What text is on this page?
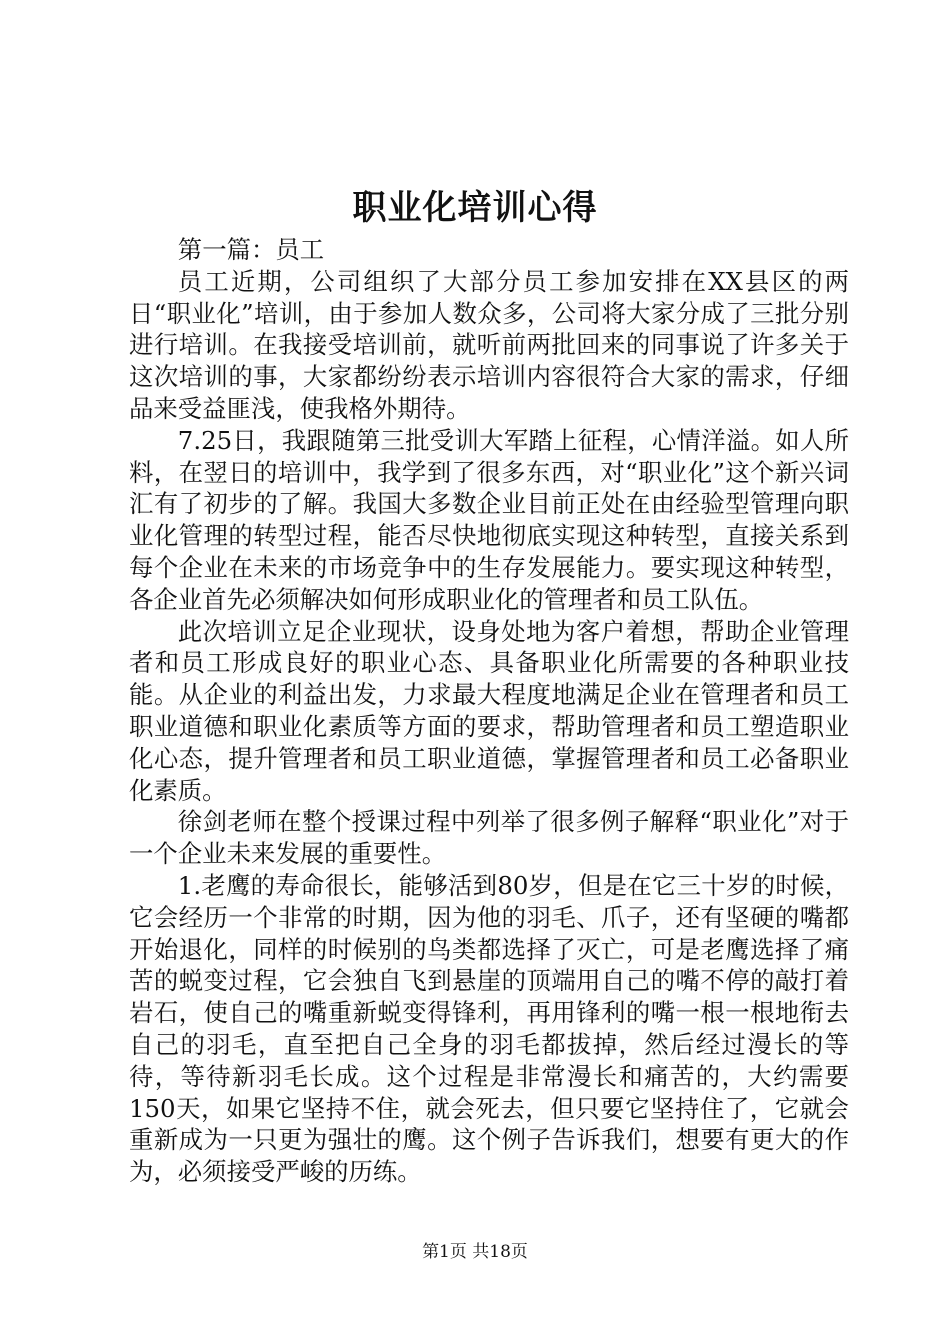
职业化培训心得

第一篇：员工

员工近期，公司组织了大部分员工参加安排在XX县区的两日“职业化”培训，由于参加人数众多，公司将大家分成了三批分别进行培训。在我接受培训前，就听前两批回来的同事说了许多关于这次培训的事，大家都纷纷表示培训内容很符合大家的需求，仔细品来受益匪浅，使我格外期待。

7.25日，我跟随第三批受训大军踏上征程，心情洋溢。如人所料，在翌日的培训中，我学到了很多东西，对“职业化”这个新兴词汇有了初步的了解。我国大多数企业目前正处在由经验型管理向职业化管理的转型过程，能否尽快地彻底实现这种转型，直接关系到每个企业在未来的市场竞争中的生存发展能力。要实现这种转型，各企业首先必须解决如何形成职业化的管理者和员工队伍。

此次培训立足企业现状，设身处地为客户着想，帮助企业管理者和员工形成良好的职业心态、具备职业化所需要的各种职业技能。从企业的利益出发，力求最大程度地满足企业在管理者和员工职业道德和职业化素质等方面的要求，帮助管理者和员工塑造职业化心态，提升管理者和员工职业道德，掌握管理者和员工必备职业化素质。

徐剑老师在整个授课过程中列举了很多例子解释“职业化”对于一个企业未来发展的重要性。

1.老鹰的寿命很长，能够活到80岁，但是在它三十岁的时候，它会经历一个非常的时期，因为他的羽毛、爪子，还有坚硬的嘴都开始退化，同样的时候别的鸟类都选择了灭亡，可是老鹰选择了痛苦的蜕变过程，它会独自飞到悬崖的顶端用自己的嘴不停的敲打着岩石，使自己的嘴重新蜕变得锋利，再用锋利的嘴一根一根地衔去自己的羽毛，直至把自己全身的羽毛都拔掉，然后经过漫长的等待，等待新羽毛长成。这个过程是非常漫长和痛苦的，大约需要150天，如果它坚持不住，就会死去，但只要它坚持住了，它就会重新成为一只更为强壮的鹰。这个例子告诉我们，想要有更大的作为，必须接受严峻的历练。

第1页 共18页
